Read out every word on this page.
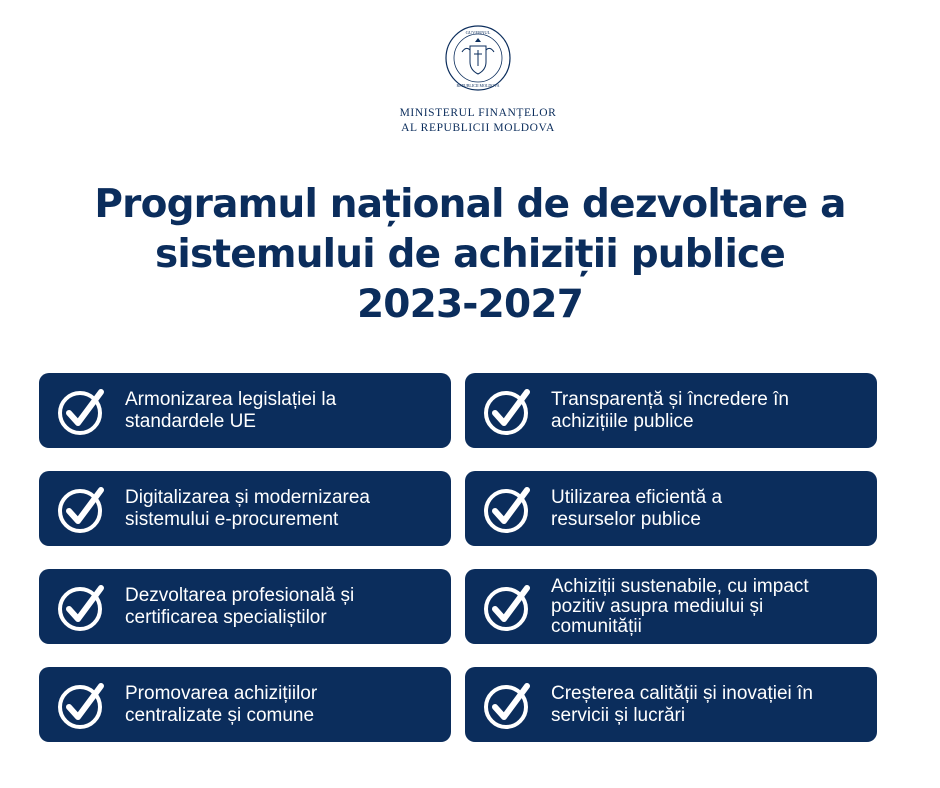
GUVERNUL
REPUBLICII MOLDOVA
MINISTERUL FINANȚELOR
AL REPUBLICII MOLDOVA
Programul național de dezvoltare a
sistemului de achiziții publice
2023-2027
Armonizarea legislației la
standardele UE
Transparență și încredere în
achizițiile publice
Digitalizarea și modernizarea
sistemului e-procurement
Utilizarea eficientă a
resurselor publice
Dezvoltarea profesională și
certificarea specialiștilor
Achiziții sustenabile, cu impact
pozitiv asupra mediului și
comunității
Promovarea achizițiilor
centralizate și comune
Creșterea calității și inovației în
servicii și lucrări
